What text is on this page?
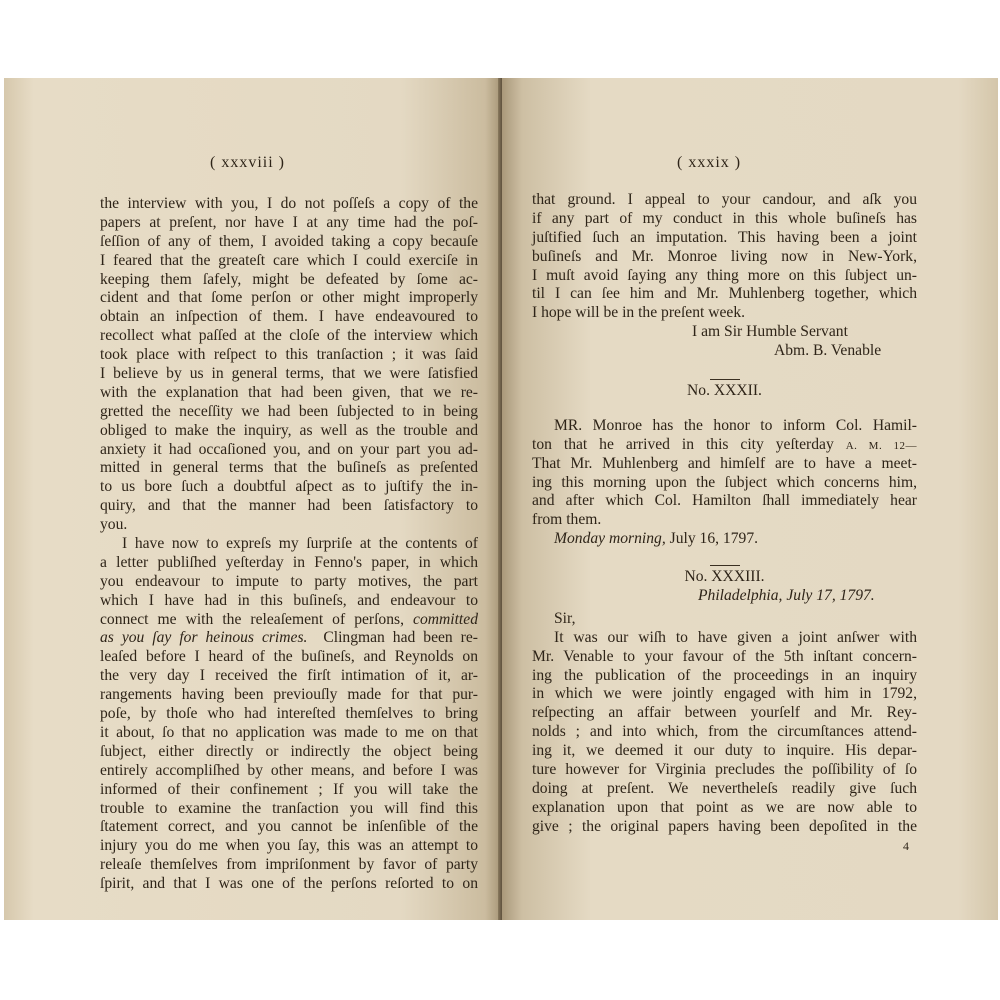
( xxxviii )
the interview with you, I do not poſſeſs a copy of the
papers at preſent, nor have I at any time had the poſ-
ſeſſion of any of them, I avoided taking a copy becauſe
I feared that the greateſt care which I could exerciſe in
keeping them ſafely, might be defeated by ſome ac-
cident and that ſome perſon or other might improperly
obtain an inſpection of them. I have endeavoured to
recollect what paſſed at the cloſe of the interview which
took place with reſpect to this tranſaction ; it was ſaid
I believe by us in general terms, that we were ſatisfied
with the explanation that had been given, that we re-
gretted the neceſſity we had been ſubjected to in being
obliged to make the inquiry, as well as the trouble and
anxiety it had occaſioned you, and on your part you ad-
mitted in general terms that the buſineſs as preſented
to us bore ſuch a doubtful aſpect as to juſtify the in-
quiry, and that the manner had been ſatisfactory to
you.
I have now to expreſs my ſurpriſe at the contents of
a letter publiſhed yeſterday in Fenno's paper, in which
you endeavour to impute to party motives, the part
which I have had in this buſineſs, and endeavour to
connect me with the releaſement of perſons, committed
as you ſay for heinous crimes.  Clingman had been re-
leaſed before I heard of the buſineſs, and Reynolds on
the very day I received the firſt intimation of it, ar-
rangements having been previouſly made for that pur-
poſe, by thoſe who had intereſted themſelves to bring
it about, ſo that no application was made to me on that
ſubject, either directly or indirectly the object being
entirely accompliſhed by other means, and before I was
informed of their confinement ; If you will take the
trouble to examine the tranſaction you will find this
ſtatement correct, and you cannot be inſenſible of the
injury you do me when you ſay, this was an attempt to
releaſe themſelves from impriſonment by favor of party
ſpirit, and that I was one of the perſons reſorted to on
( xxxix )
that ground. I appeal to your candour, and aſk you
if any part of my conduct in this whole buſineſs has
juſtified ſuch an imputation. This having been a joint
buſineſs and Mr. Monroe living now in New-York,
I muſt avoid ſaying any thing more on this ſubject un-
til I can ſee him and Mr. Muhlenberg together, which
I hope will be in the preſent week.
I am Sir Humble Servant
Abm. B. Venable
No. XXXII.
MR. Monroe has the honor to inform Col. Hamil-
ton that he arrived in this city yeſterday A. M. 12—
That Mr. Muhlenberg and himſelf are to have a meet-
ing this morning upon the ſubject which concerns him,
and after which Col. Hamilton ſhall immediately hear
from them.
Monday morning, July 16, 1797.
No. XXXIII.
Philadelphia, July 17, 1797.
Sir,
It was our wiſh to have given a joint anſwer with
Mr. Venable to your favour of the 5th inſtant concern-
ing the publication of the proceedings in an inquiry
in which we were jointly engaged with him in 1792,
reſpecting an affair between yourſelf and Mr. Rey-
nolds ; and into which, from the circumſtances attend-
ing it, we deemed it our duty to inquire. His depar-
ture however for Virginia precludes the poſſibility of ſo
doing at preſent. We nevertheleſs readily give ſuch
explanation upon that point as we are now able to
give ; the original papers having been depoſited in the
4
